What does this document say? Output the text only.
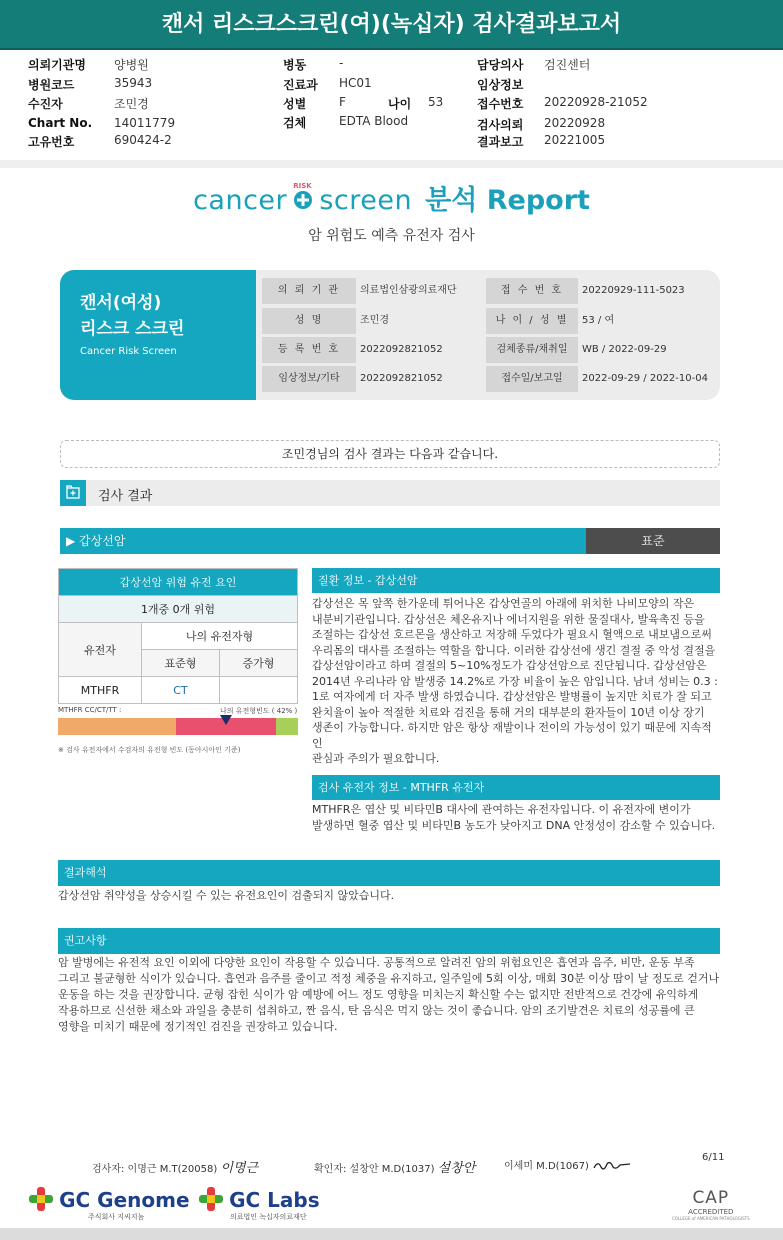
캔서 리스크스크린(여)(녹십자) 검사결과보고서
의뢰기관명 양병원
병원코드	35943
수진자	조민경
Chart No. 14011779
고유번호	690424-2
병동	-
진료과 HC01
성별	F	나이 53
검체	EDTA Blood
담당의사 검진센터
임상정보
접수번호 20220928-21052
검사의뢰 20220928
결과보고 20221005
cancer RISK screen 분석 Report
암 위험도 예측 유전자 검사
캔서(여성)
리스크 스크린
Cancer Risk Screen
의 뢰 기 관	의료법인삼광의료재단	접 수 번 호	20220929-111-5023
성 명	조민경	나 이 / 성 별	53 / 여
등 록 번 호	2022092821052	검체종류/채취일	WB / 2022-09-29
임상정보/기타	2022092821052	접수일/보고일	2022-09-29 / 2022-10-04
조민경님의 검사 결과는 다음과 같습니다.
검사 결과
▶ 갑상선암	표준
갑상선암 위험 유전 요인		
1개중 0개 위험		
유전자	나의 유전자형	
	표준형	증가형
MTHFR	CT	
MTHFR CC/CT/TT :	나의 유전형빈도 ( 42% )
※ 검사 유전자에서 수검자의 유전형 빈도 (동아시아인 기준)
질환 정보 - 갑상선암
갑상선은 목 앞쪽 한가운데 튀어나온 갑상연골의 아래에 위치한 나비모양의 작은
내분비기관입니다. 갑상선은 체온유지나 에너지원을 위한 물질대사, 발육촉진 등을
조절하는 갑상선 호르몬을 생산하고 저장해 두었다가 필요시 혈액으로 내보냄으로써
우리몸의 대사를 조절하는 역할을 합니다. 이러한 갑상선에 생긴 결절 중 악성 결절을
갑상선암이라고 하며 결절의 5~10%정도가 갑상선암으로 진단됩니다. 갑상선암은
2014년 우리나라 암 발생중 14.2%로 가장 비율이 높은 암입니다. 남녀 성비는 0.3 :
1로 여자에게 더 자주 발생 하였습니다. 갑상선암은 발병률이 높지만 치료가 잘 되고
완치율이 높아 적절한 치료와 검진을 통해 거의 대부분의 환자들이 10년 이상 장기
생존이 가능합니다. 하지만 암은 항상 재발이나 전이의 가능성이 있기 때문에 지속적인
관심과 주의가 필요합니다.
검사 유전자 정보 - MTHFR 유전자
MTHFR은 엽산 및 비타민B 대사에 관여하는 유전자입니다. 이 유전자에 변이가
발생하면 혈중 엽산 및 비타민B 농도가 낮아지고 DNA 안정성이 감소할 수 있습니다.
결과해석
갑상선암 취약성을 상승시킬 수 있는 유전요인이 검출되지 않았습니다.
권고사항
암 발병에는 유전적 요인 이외에 다양한 요인이 작용할 수 있습니다. 공통적으로 알려진 암의 위험요인은 흡연과 음주, 비만, 운동 부족
그리고 불균형한 식이가 있습니다. 흡연과 음주를 줄이고 적정 체중을 유지하고, 일주일에 5회 이상, 매회 30분 이상 땀이 날 정도로 걷거나
운동을 하는 것을 권장합니다. 균형 잡힌 식이가 암 예방에 어느 정도 영향을 미치는지 확신할 수는 없지만 전반적으로 건강에 유익하게
작용하므로 신선한 채소와 과일을 충분히 섭취하고, 짠 음식, 탄 음식은 먹지 않는 것이 좋습니다. 암의 조기발견은 치료의 성공률에 큰
영향을 미치기 때문에 정기적인 검진을 권장하고 있습니다.
검사자: 이명근 M.T(20058) 이명근	확인자: 설창안 M.D(1037) 설창안	이세미 M.D(1067)
6/11
GC Genome
주식회사 지씨지놈
GC Labs
의료법인 녹십자의료재단
CAP
ACCREDITED
COLLEGE of AMERICAN PATHOLOGISTS
